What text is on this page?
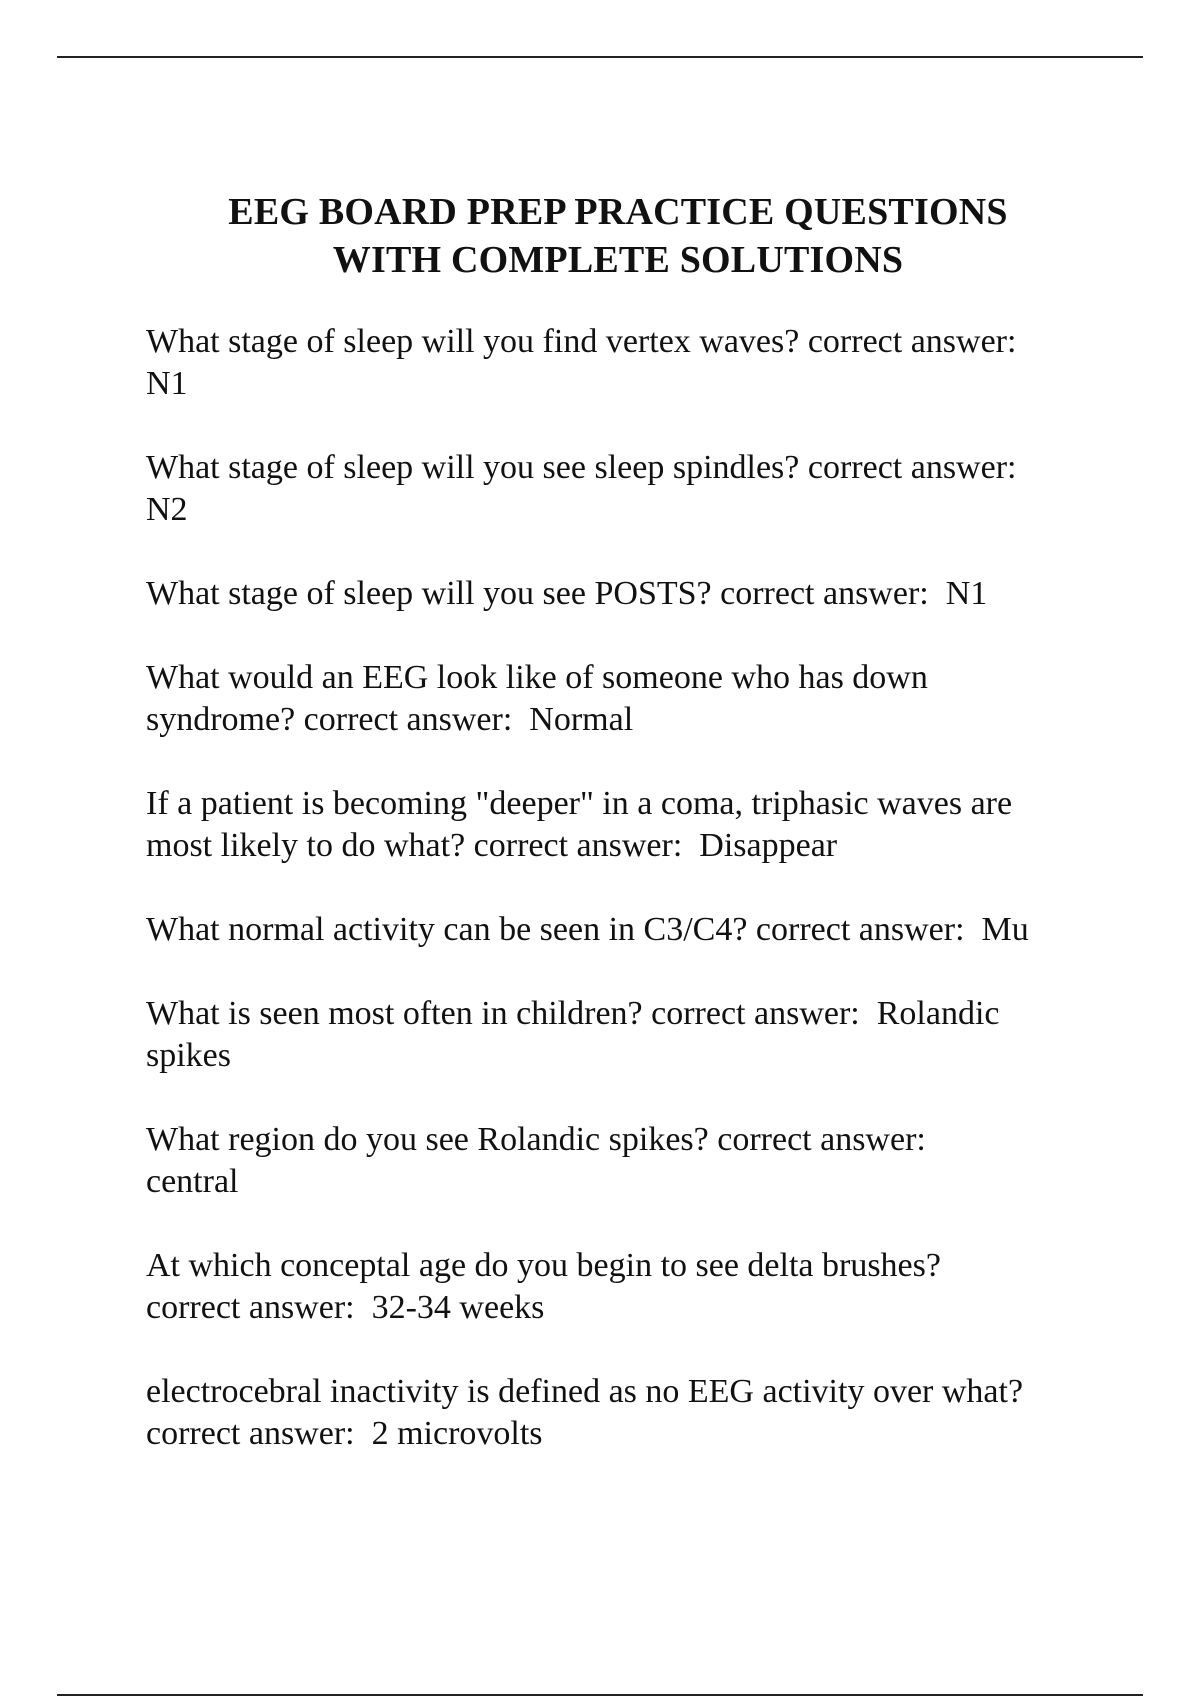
EEG BOARD PREP PRACTICE QUESTIONS
WITH COMPLETE SOLUTIONS

What stage of sleep will you find vertex waves? correct answer:
N1

What stage of sleep will you see sleep spindles? correct answer:
N2

What stage of sleep will you see POSTS? correct answer:  N1

What would an EEG look like of someone who has down
syndrome? correct answer:  Normal

If a patient is becoming "deeper" in a coma, triphasic waves are
most likely to do what? correct answer:  Disappear

What normal activity can be seen in C3/C4? correct answer:  Mu

What is seen most often in children? correct answer:  Rolandic
spikes

What region do you see Rolandic spikes? correct answer:
central

At which conceptal age do you begin to see delta brushes?
correct answer:  32-34 weeks

electrocebral inactivity is defined as no EEG activity over what?
correct answer:  2 microvolts
